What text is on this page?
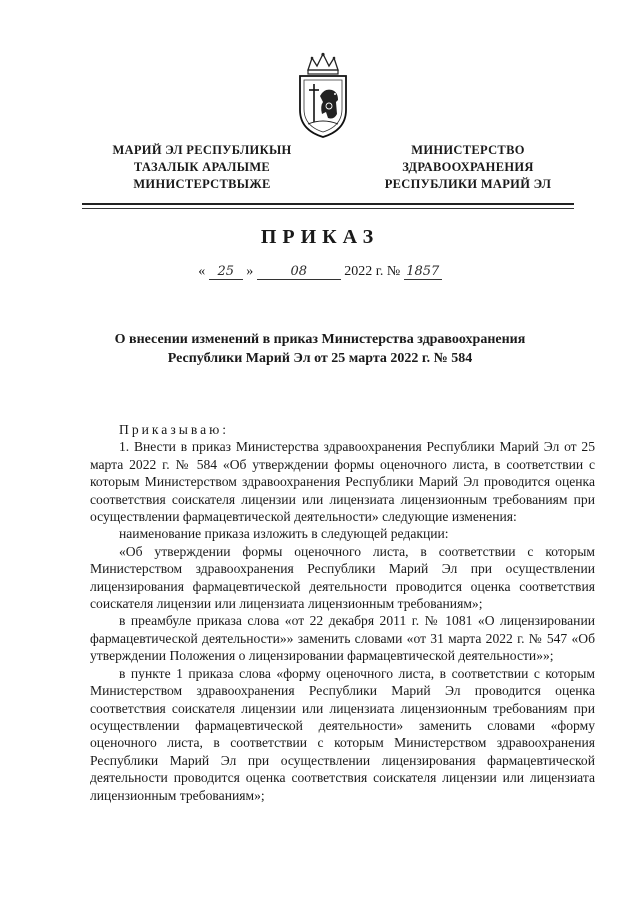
МАРИЙ ЭЛ РЕСПУБЛИКЫН
ТАЗАЛЫК АРАЛЫМЕ
МИНИСТЕРСТВЫЖЕ
МИНИСТЕРСТВО
ЗДРАВООХРАНЕНИЯ
РЕСПУБЛИКИ МАРИЙ ЭЛ
ПРИКАЗ
« 25 »	08	2022 г. № 1857
О внесении изменений в приказ Министерства здравоохранения
Республики Марий Эл от 25 марта 2022 г. № 584

Приказываю:

1. Внести в приказ Министерства здравоохранения Республики Марий Эл от 25 марта 2022 г. № 584 «Об утверждении формы оценочного листа, в соответствии с которым Министерством здравоохранения Республики Марий Эл проводится оценка соответствия соискателя лицензии или лицензиата лицензионным требованиям при осуществлении фармацевтической деятельности» следующие изменения:

наименование приказа изложить в следующей редакции:

«Об утверждении формы оценочного листа, в соответствии с которым Министерством здравоохранения Республики Марий Эл при осуществлении лицензирования фармацевтической деятельности проводится оценка соответствия соискателя лицензии или лицензиата лицензионным требованиям»;

в преамбуле приказа слова «от 22 декабря 2011 г. № 1081 «О лицензировании фармацевтической деятельности»» заменить словами «от 31 марта 2022 г. № 547 «Об утверждении Положения о лицензировании фармацевтической деятельности»»;

в пункте 1 приказа слова «форму оценочного листа, в соответствии с которым Министерством здравоохранения Республики Марий Эл проводится оценка соответствия соискателя лицензии или лицензиата лицензионным требованиям при осуществлении фармацевтической деятельности» заменить словами «форму оценочного листа, в соответствии с которым Министерством здравоохранения Республики Марий Эл при осуществлении лицензирования фармацевтической деятельности проводится оценка соответствия соискателя лицензии или лицензиата лицензионным требованиям»;
